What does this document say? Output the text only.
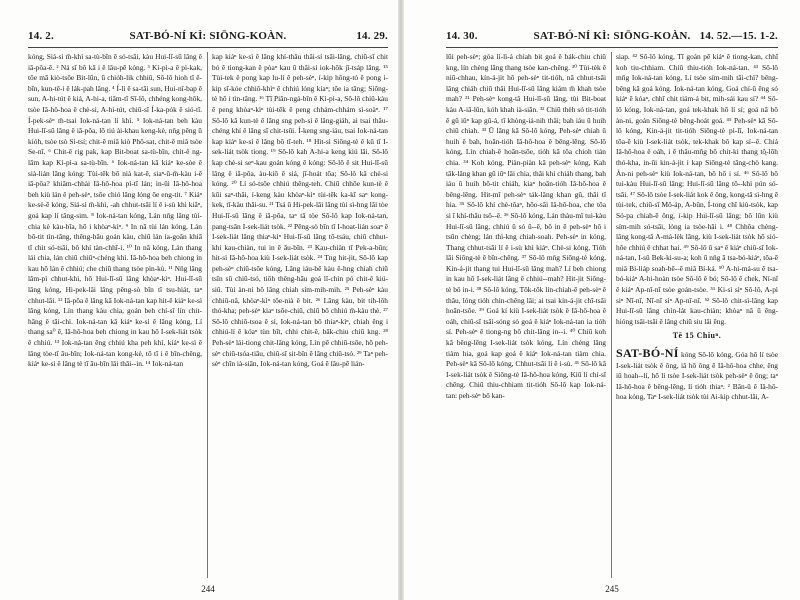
14. 2.	SAT-BÓ-NÍ KÌ: SIŌNG-KOÀN.	14. 29.

kóng, Siá-sì m̄-khì sa-tù-bīn ê só-tsāi, kàu Hui-lī-sū lâng ê iā-pôa-ē. ² Ná sī bô kā i ê lâu-pē kóng. ³ Kí-pì-a ê pì-kak, tōe mā kiò-tsōe Bit-lûn, ū chióh-lik chhiû, Sô-lô hioh tī ê-bīn, kun-tē-i ê lák-pah lâng. ⁴ Í-lì ê sa-tāi sun, Hui-nî-bap ê sun, A-hi-tút ê kiá, A-hi-a, tiām-tī Sī-lô, chhéng kong-hôk, tsòe Iâ-hô-hoa ê chè-si, A-hi-tút, chiū-sī Í-ka-pók ê sió-tī. Í-pek-sèⁿ m̄-tsai Iok-ná-tan lí khì. ⁵ Iok-ná-tan beh kàu Hui-lī-sū lâng ê iā-pôa, lō tiú ài-khau keng-kè, nn̄g pêng ū kióh, tsòe tsò Sì-tsí; chit-ê miâ kiò Phô-sat, chit-ê miâ tsòe Se-nī. ⁶ Chit-ê rig pak, kap Bit-boat sa-tù-bīn, chit-ê ng-lâm kap Kí-pì-a sa-tù-bīn. ⁶ Iok-ná-tan kā kiáⁿ ke-sòe ê sià-lián lâng kóng: Tùi-tēk bô nià kat-ē, siaⁿ-ū-m̄-kàu i-ē iā-pôa? khiâm-chhài Iâ-hô-hoa pì-tī lán; in-ūi Iâ-hô-hoa beh kiù lán ê peh-sèⁿ, tsōe chió lâng lóng ōe eng-tit. ⁷ Kiáⁿ ke-sè-ē kóng, Siá-sì m̄-khì, -ah chhut-tsāi lí ê i-sù khì kiâⁿ, goá kap lí tâng-sim. ⁸ Iok-ná-tan kóng, Lán nn̄g lâng tùi-chia kè kàu-bīa, hō i khòaⁿ-kìⁿ. ⁹ In nā tùi lán kóng, Lán bô-tit tìn-tāng, thêng-hāu goán kàu, chiū lán ia-goân khiā tī chit só-tsāi, bô khí tàn-chhī-i. ¹⁰ In nā kóng, Lán thang lái chia, lán chiū chiūⁿ-chéng khì. Iâ-hô-hoa beh chiong in kau hō lán ê chhiú; che chiū thang tsòe pìn-kù. ¹¹ Nn̄g lâng lâm-pì chhut-khì, hō Hui-lī-sū lâng khòaⁿ-kìⁿ. Hui-lī-sū lâng kóng, Hi-pek-lâi lâng pêng-sò bīn tī tsu-hiát, taⁿ chhut-lâi. ¹² Iā-pôa ê lâng kā Iok-ná-tan kap hit-ê kiáⁿ ke-sì lâng kóng, Lín thang kàu chia, goán beh chí-sī lín chit-hāng ê tāi-chì. Iok-ná-tan kā kiáⁿ ke-sì ê lâng kóng, Lí thang sa⁰ ē, Iâ-hô-hoa beh chiong in kau hō I-sek-liát tsòk ê chhiú. ¹³ Iok-ná-tan ēng chhiú kha peh khì, kiáⁿ ke-sì ê lâng tòe-tī āu-bīn; Iok-ná-tan kong-kè, tō tī i ê bīn-chêng, kiáⁿ ke-sì ê lâng tè tī āu-bīn lâi thâi--in. ¹⁴ Iok-ná-tan

kap kiáⁿ ke-sì ê lâng khí-thâu thâi-sí tsāi-lâng, chiū-sī chit bó ê tiong-kan ê pòaⁿ kau ū thâi-sí iok-hôk jî-tsáp lâng. ¹⁵ Tùi-tek ê pong kap lu-lí ê peh-sèⁿ, í-kip hông-tó ê pong í-kip sī-kóe chhiō-khìⁿ ê chhiú lóng kiaⁿ; tōe ia tāng; Siōng-tè hō i tìn-tāng. ¹⁶ Tī Piān-ngá-bīn ê Kì-pì-a, Sô-lô chiū-kàu ê peng khòaⁿ-kìⁿ tùi-tēk ê peng chhám-chhám sì-soàⁿ. ¹⁷ Sô-lô kā kun-tè ê lâng sng peh-sì ê lâng-giáh, ai tsai thâu-chéng khí ê lâng sī chit-tsūi. Í-keng sng-iáu, tsai Iok-ná-tan kap kiáⁿ ke-sì ê lâng bô tī-teh. ¹⁸ Hit-sì Siōng-tè ê kū tī I-sek-liát tsòk tiong. ¹⁹ Sô-lô kah A-hi-a keng kiú lâi. Sô-lô kap chè-si seⁿ-kau goán kóng ē kóng: Sō-lô ê sit Hui-lī-sū lâng ê iā-pôa, àu-kiô ê siá, jī-hoát tōa; Sô-lô kā chè-si kóng. ²⁰ Lí só-tsōe chhiú thêng-teh. Chiū chhôe kun-tè ê kūi saⁿ-thâi, í-keng kàu khòaⁿ-kìⁿ tùi-tēk ka-kī saⁿ kong-kek, tī-kàu thâi-su. ²¹ Tsá ū Hi-pek-lâi lâng tùi sì-hng lâi tòe Hui-lī-sū lâng ê iā-pôa, taⁿ tā tòe Sô-lô kap Iok-ná-tan, pang-tsān I-sek-liát tsòk. ²² Pêng-sò bīn tī I-hoat-lián soaⁿ ê I-sek-liát lâng thiaⁿ-kìⁿ Hui-lī-sū lâng tō-tsáu, chiū chhut-khí kau-chiàn, tui in ē āu-bīn. ²³ Kau-chiàn tī Pek-a-būn; hit-sì Iâ-hô-hoa kiù I-sek-liát tsòk. ²⁴ Tng hit-jit, Sô-lô kap peh-sèⁿ chiū-tsōe kóng, Lâng iáu-bē kàu ê-hng chiah chiū tsīn sū chiū-tsó, tiōh thêng-hāu goá lî-chìn pó chit-ê kiú-siû. Tùi àn-ni bô lâng chiah sím-mih-mih. ²⁵ Peh-sèⁿ kàu chhiū-nâ, khòaⁿ-kìⁿ tōe-nià ê bit. ²⁶ Lâng kàu, bit tih-lôh thó-kha; peh-sèⁿ kiaⁿ tsōe-chiū, chiū bô chhiú m̄-kàu thè. ²⁷ Sô-lô chhiō-tsoa ê sì, Iok-ná-tan bô thiaⁿ-kìⁿ, chiah êng i chhiú-lí ê kóaⁿ tùn bīt, chhi chit-ê, bāk-chiu chiū kng. ²⁸ Peh-sèⁿ lái-tiong chit-lâng kóng, Lín pē chhiū-tsōe, hō peh-sèⁿ chiū-tsóa-tiāu, chiū-sī sit-bîn ê lâng chiū-tsó. ²⁹ Taⁿ peh-sèⁿ chīn ià-siān, Iok-ná-tan kóng, Goá ē lâu-pē lián-

244
14. 30.	SAT-BÓ-NÍ KÌ: SIŌNG-KOÀN. 14. 52.—15. 1-2.

lūi peh-sèⁿ; góa lì-lì-á chiah bit goá ê bák-chiu chiū kng, lín chèng lâng thang tsòe kan-chêng. ³⁰ Tùi-tèk ê niū-chhau, kín-á-jit hō peh-sèⁿ tit-tióh, nā chhut-tsāi lâng chiáh chiū thâi Hui-lī-sū lâng kiám m̄ khah tsòe mah? ³¹ Peh-sèⁿ kong-tâ Hui-lī-sū lâng, tùi Bit-boat kàu A-iā-lûn, kóh khah ià-siān. ³² Chiū thèh só tit-tióh ê gû iûⁿ kap gû-á, tī khòng-iá-nih thâi; bah iáu ū huih chiū chiah. ³³ Ū lâng kā Sô-lô kóng, Peh-sèⁿ chiah ū huih ê bah, hoān-tióh Iâ-hô-hoa ê bêng-lēng. Sô-lô kóng, Lín chiah-ē hoān-tsōe, tióh kā tōa chioh tián chia. ³⁴ Koh kóng, Piàn-piàn kā peh-sèⁿ kóng, Kah tāk-lâng khan gû iûⁿ lâi chia, thâi khì chiáh thang, bah iáu ū huih bô-tit chiáh, kiaⁿ hoān-tióh Iâ-hô-hoa ê bêng-lēng. Hit-mî peh-sèⁿ ták-lâng khan gû, thâi tī hia. ³⁵ Sô-lô khí chè-tôaⁿ, hōo-sāi Iâ-hô-hoa, che tōa sì ī khí-thâu tsō--ē. ³⁶ Sô-lô kóng, Lán thàu-mî tui-kàu Hui-lī-sū lâng, chhiú ū só ū--ē, bô in ē peh-sèⁿ hō i tsūn chèng; lán thì-kng chiah-soah. Peh-sèⁿ in kóng, Thang chhut-tsāi lí ê i-sù khì kiáⁿ. Chè-si kóng, Tióh lâi Siōng-tè ê bīn-chêng. ³⁷ Sô-lô mn̄g Siōng-tè kóng, Kin-á-jit thang tui Hui-lī-sū lâng mah? Lí beh chiong in kau hō I-sek-liát lâng ê chhiú--mah? Hit-jit Siōng-tè bô in-i. ³⁸ Sô-lô kóng, Tōk-tōk lín-chiah-ē peh-sèⁿ ê thâu, lóng tióh chìn-chêng lâi; ai tsai kín-á-jit chī-tsāi hoān-tsōe. ³⁹ Goá kí kiù I-sek-liát tsòk ê Iâ-hô-hoa ê oáh, chiū-sī tsâi-sóng só goá ê kiáⁿ Iok-ná-tan ia tióh sí. Peh-sèⁿ ê tiong-ng bô chit-lâng in--i. ⁴⁰ Chiū koh kā bêng-lēng I-sek-liát tsòk kóng, Lín chèng lâng tiàm hia, goá kap goá ê kiáⁿ Iok-ná-tan tiàm chia. Peh-sèⁿ kā Sô-lô kóng, Chhut-tsāi lí ê i-sù. ⁴¹ Sô-lô kā I-sek-liát tsòk ê Siōng-tè Iâ-hô-hoa kóng, Kiû lí chí-sī chēng. Chiū thiu-chhiam tit-tióh Sô-lô kap Iok-ná-tan: peh-sèⁿ bô kan-

siap. ⁴² Sô-lô kóng, Tī goán pē kiáⁿ ê tiong-kan, chhī koh tiu-chhiam. Chiū thiu-tióh Iok-ná-tan. ⁴³ Sô-lô mn̄g Iok-ná-tan kóng, Lí tsòe sím-mih tāi-chì? bêng-bêng kā goá kóng. Iok-ná-tan kóng, Goá chí-ū ēng só kiáⁿ ê kóaⁿ, chhī chit tiám-á bit, mih-sái kau sí? ⁴⁴ Sô-lô kóng, Iok-ná-tan, goá tek-khak hō lí sí; goá nā bô àn-ni, goán Siōng-tè bêng-hoát goá. ⁴⁵ Peh-sèⁿ kā Sô-lô kóng, Kin-á-jit tit-tióh Siōng-tè pì-lī, Iok-ná-tan tōa-ē kiù I-sek-liát tsòk, tek-khak bô kap sí--ē. Chiá Iâ-hô-hoa ê oáh, i ê thâu-mn̂g bô chit-ki thang tô̤-lōh thó-kha, in-ūi kin-á-jit i kap Siōng-tè tâng-chò kang. Àn-ni peh-sèⁿ kiù Iok-ná-tan, bô hō i sí. ⁴⁶ Sô-lô bô tui-kàu Hui-lī-sū lâng; Hui-lī-sū lâng tō--khì pún só-tsāi. ⁴⁷ Sô-lô tsòe I-sek-liát kok ê ông, kong-tâ sì-hng ê tùi-tek, chiū-sī Mô-áp, A-bûn, Í-tong chī kiù-tsòk, kap Só-pa chiah-ē ông, í-kip Hui-lī-sū lâng; bô lūn kiù sím-mih só-tsāi, lóng ia tsòe-hāi i. ⁴⁸ Chhōa chèng-lâng kong-tâ A-má-lèk lâng, kiù I-sek-liát tsòk hō sió-hōe chhiú ê chhat hai. ⁴⁹ Sô-lô ū saⁿ ê kiáⁿ chiū-sī Iok-ná-tan, I-sū Bek-ki-su-a; koh ū nn̄g ā tsa-bó-kiáⁿ, tōa-ē miâ Bí-liáp soah-bē--ē miâ Bí-ká. ⁵⁰ A-hi-má-su ê tsa-bó-kiáⁿ A-hi-hoàn tsòe Sô-lô ê bó; Sô-lô ê chek, Ní-nī ê kiáⁿ Ap-nī-nī tsòe goán-tsòe. ⁵¹ Ki-sì sìⁿ Sô-lô, A-pì siⁿ Nī-nī, Nī-nī sìⁿ Ap-nī-nī. ⁵² Sô-lô chit-sì-lâng kap Hui-lī-sū lâng chìn-lát kau-chiàn; khòaⁿ nā ū ēng-hióng tsāi-tsāi ê lâng chiū siu lāi êng.

Tē 15 Chiuⁿ.

SAT-BÓ-NÍ kóng Sô-lô kóng, Góa hō lí tsòe I-sek-liát tsòk ê ông, iā hō ông ê Iâ-hô-hoa chhe, ēng iû hoah--lí, hō lí tsòe I-sek-liát tsòk peh-sèⁿ ê ông; taⁿ Iâ-hô-hoa ê bêng-lēng, lí tióh thiaⁿ. ² Bān-ū ê Iâ-hô-hoa kóng, Taⁿ I-sek-liát tsòk tùi Ai-kip chhut-lâi, A-

245
